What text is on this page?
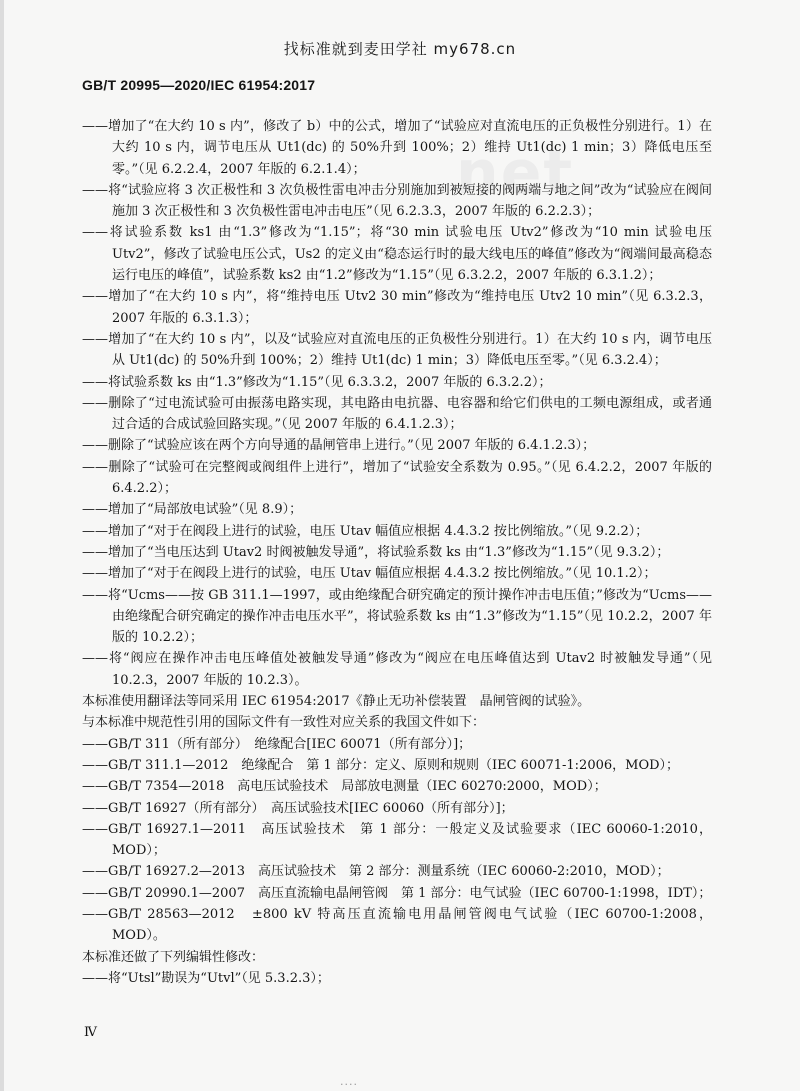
找标准就到麦田学社 my678.cn
net
GB/T 20995—2020/IEC 61954:2017

——增加了“在大约 10 s 内”，修改了 b）中的公式，增加了“试验应对直流电压的正负极性分别进行。1）在大约 10 s 内，调节电压从 Ut1(dc) 的 50%升到 100%；2）维持 Ut1(dc) 1 min；3）降低电压至零。”（见 6.2.2.4，2007 年版的 6.2.1.4）；

——将“试验应将 3 次正极性和 3 次负极性雷电冲击分别施加到被短接的阀两端与地之间”改为“试验应在阀间施加 3 次正极性和 3 次负极性雷电冲击电压”（见 6.2.3.3，2007 年版的 6.2.2.3）；

——将试验系数 ks1 由“1.3”修改为“1.15”；将“30 min 试验电压 Utv2”修改为“10 min 试验电压 Utv2”，修改了试验电压公式，Us2 的定义由“稳态运行时的最大线电压的峰值”修改为“阀端间最高稳态运行电压的峰值”，试验系数 ks2 由“1.2”修改为“1.15”（见 6.3.2.2，2007 年版的 6.3.1.2）；

——增加了“在大约 10 s 内”，将“维持电压 Utv2 30 min”修改为“维持电压 Utv2 10 min”（见 6.3.2.3，2007 年版的 6.3.1.3）；

——增加了“在大约 10 s 内”，以及“试验应对直流电压的正负极性分别进行。1）在大约 10 s 内，调节电压从 Ut1(dc) 的 50%升到 100%；2）维持 Ut1(dc) 1 min；3）降低电压至零。”（见 6.3.2.4）；

——将试验系数 ks 由“1.3”修改为“1.15”（见 6.3.3.2，2007 年版的 6.3.2.2）；

——删除了“过电流试验可由振荡电路实现，其电路由电抗器、电容器和给它们供电的工频电源组成，或者通过合适的合成试验回路实现。”（见 2007 年版的 6.4.1.2.3）；

——删除了“试验应该在两个方向导通的晶闸管串上进行。”（见 2007 年版的 6.4.1.2.3）；

——删除了“试验可在完整阀或阀组件上进行”，增加了“试验安全系数为 0.95。”（见 6.4.2.2，2007 年版的 6.4.2.2）；

——增加了“局部放电试验”（见 8.9）；

——增加了“对于在阀段上进行的试验，电压 Utav 幅值应根据 4.4.3.2 按比例缩放。”（见 9.2.2）；

——增加了“当电压达到 Utav2 时阀被触发导通”，将试验系数 ks 由“1.3”修改为“1.15”（见 9.3.2）；

——增加了“对于在阀段上进行的试验，电压 Utav 幅值应根据 4.4.3.2 按比例缩放。”（见 10.1.2）；

——将“Ucms——按 GB 311.1—1997，或由绝缘配合研究确定的预计操作冲击电压值；”修改为“Ucms——由绝缘配合研究确定的操作冲击电压水平”，将试验系数 ks 由“1.3”修改为“1.15”（见 10.2.2，2007 年版的 10.2.2）；

——将“阀应在操作冲击电压峰值处被触发导通”修改为“阀应在电压峰值达到 Utav2 时被触发导通”（见 10.2.3，2007 年版的 10.2.3）。

本标准使用翻译法等同采用 IEC 61954:2017《静止无功补偿装置　晶闸管阀的试验》。

与本标准中规范性引用的国际文件有一致性对应关系的我国文件如下：

——GB/T 311（所有部分）　绝缘配合[IEC 60071（所有部分）]；

——GB/T 311.1—2012　绝缘配合　第 1 部分：定义、原则和规则（IEC 60071-1:2006，MOD）；

——GB/T 7354—2018　高电压试验技术　局部放电测量（IEC 60270:2000，MOD）；

——GB/T 16927（所有部分）　高压试验技术[IEC 60060（所有部分）]；

——GB/T 16927.1—2011　高压试验技术　第 1 部分：一般定义及试验要求（IEC 60060-1:2010，MOD）；

——GB/T 16927.2—2013　高压试验技术　第 2 部分：测量系统（IEC 60060-2:2010，MOD）；

——GB/T 20990.1—2007　高压直流输电晶闸管阀　第 1 部分：电气试验（IEC 60700-1:1998，IDT）；

——GB/T 28563—2012　±800 kV 特高压直流输电用晶闸管阀电气试验（IEC 60700-1:2008，MOD）。

本标准还做了下列编辑性修改：

——将“Utsl”勘误为“Utvl”（见 5.3.2.3）；

Ⅳ
····
